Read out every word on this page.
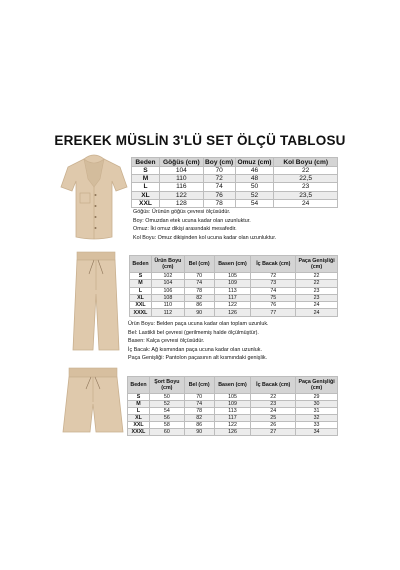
EREKEK MÜSLİN 3'LÜ SET ÖLÇÜ TABLOSU
Beden	Göğüs (cm)	Boy (cm)	Omuz (cm)	Kol Boyu (cm)
S	104	70	46	22
M	110	72	48	22,5
L	116	74	50	23
XL	122	76	52	23,5
XXL	128	78	54	24
Göğüs: Ürünün göğüs çevresi ölçüsüdür.
Boy: Omuzdan etek ucuna kadar olan uzunluktur.
Omuz: İki omuz dikişi arasındaki mesafedir.
Kol Boyu: Omuz dikişinden kol ucuna kadar olan uzunluktur.
Beden	Ürün Boyu (cm)	Bel (cm)	Basen (cm)	İç Bacak (cm)	Paça Genişliği (cm)
S	102	70	105	72	22
M	104	74	109	73	22
L	106	78	113	74	23
XL	108	82	117	75	23
XXL	110	86	122	76	24
XXXL	112	90	126	77	24
Ürün Boyu: Belden paça ucuna kadar olan toplam uzunluk.
Bel: Lastikli bel çevresi (gerilmemiş halde ölçülmüştür).
Basen: Kalça çevresi ölçüsüdür.
İç Bacak: Ağ kısmından paça ucuna kadar olan uzunluk.
Paça Genişliği: Pantolon paçasının alt kısmındaki genişlik.
Beden	Şort Boyu (cm)	Bel (cm)	Basen (cm)	İç Bacak (cm)	Paça Genişliği (cm)
S	50	70	105	22	29
M	52	74	109	23	30
L	54	78	113	24	31
XL	56	82	117	25	32
XXL	58	86	122	26	33
XXXL	60	90	126	27	34
